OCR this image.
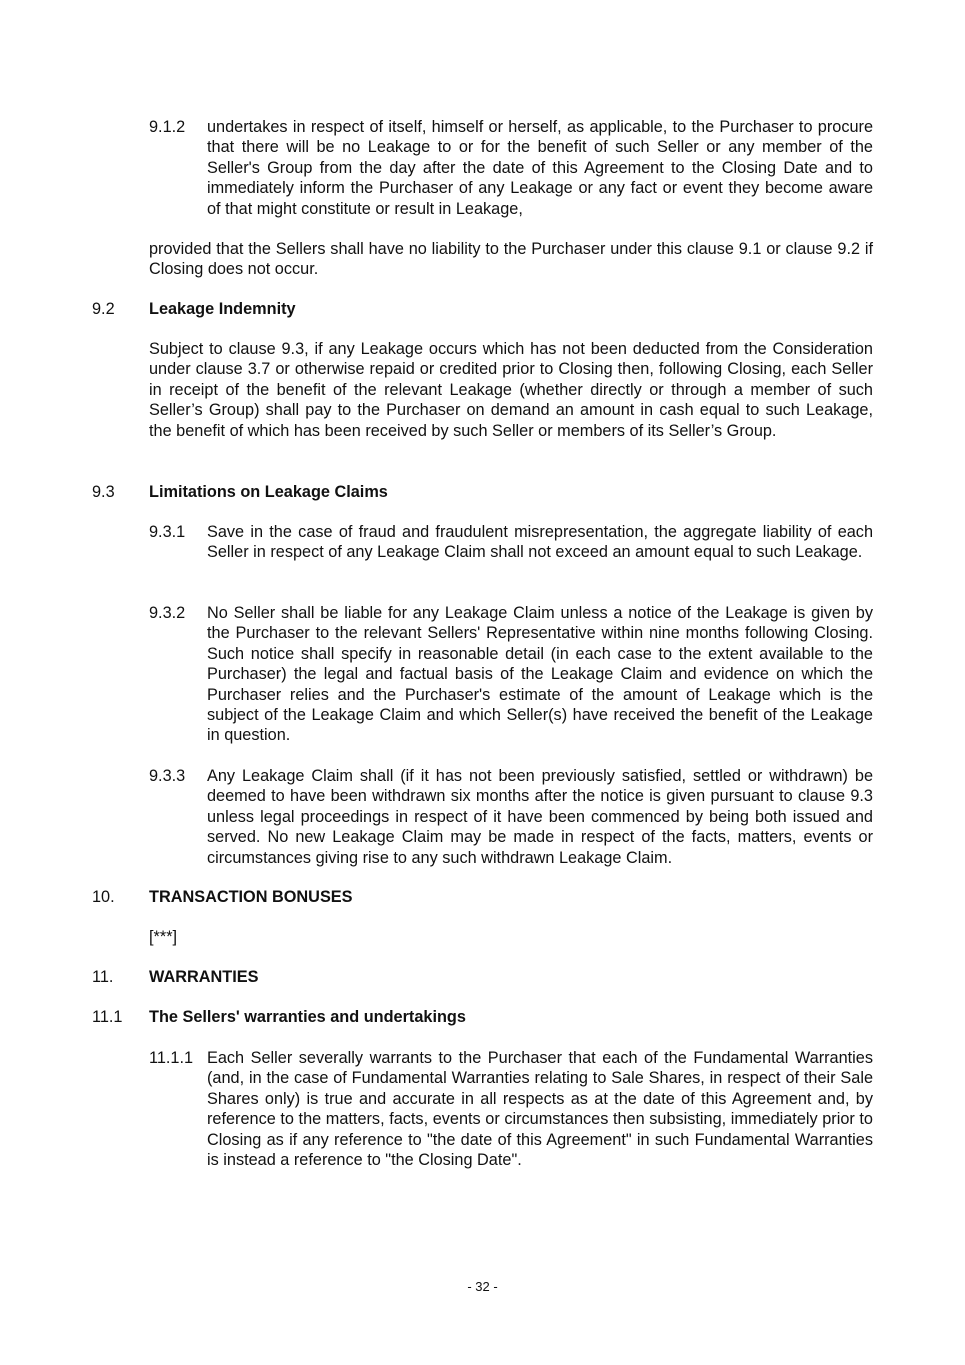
9.1.2 undertakes in respect of itself, himself or herself, as applicable, to the Purchaser to procure that there will be no Leakage to or for the benefit of such Seller or any member of the Seller's Group from the day after the date of this Agreement to the Closing Date and to immediately inform the Purchaser of any Leakage or any fact or event they become aware of that might constitute or result in Leakage,

provided that the Sellers shall have no liability to the Purchaser under this clause 9.1 or clause 9.2 if Closing does not occur.

9.2 Leakage Indemnity

Subject to clause 9.3, if any Leakage occurs which has not been deducted from the Consideration under clause 3.7 or otherwise repaid or credited prior to Closing then, following Closing, each Seller in receipt of the benefit of the relevant Leakage (whether directly or through a member of such Seller’s Group) shall pay to the Purchaser on demand an amount in cash equal to such Leakage, the benefit of which has been received by such Seller or members of its Seller’s Group.

9.3 Limitations on Leakage Claims

9.3.1 Save in the case of fraud and fraudulent misrepresentation, the aggregate liability of each Seller in respect of any Leakage Claim shall not exceed an amount equal to such Leakage.

9.3.2 No Seller shall be liable for any Leakage Claim unless a notice of the Leakage is given by the Purchaser to the relevant Sellers' Representative within nine months following Closing. Such notice shall specify in reasonable detail (in each case to the extent available to the Purchaser) the legal and factual basis of the Leakage Claim and evidence on which the Purchaser relies and the Purchaser's estimate of the amount of Leakage which is the subject of the Leakage Claim and which Seller(s) have received the benefit of the Leakage in question.

9.3.3 Any Leakage Claim shall (if it has not been previously satisfied, settled or withdrawn) be deemed to have been withdrawn six months after the notice is given pursuant to clause 9.3 unless legal proceedings in respect of it have been commenced by being both issued and served. No new Leakage Claim may be made in respect of the facts, matters, events or circumstances giving rise to any such withdrawn Leakage Claim.

10. TRANSACTION BONUSES

[***]

11. WARRANTIES

11.1 The Sellers' warranties and undertakings

11.1.1 Each Seller severally warrants to the Purchaser that each of the Fundamental Warranties (and, in the case of Fundamental Warranties relating to Sale Shares, in respect of their Sale Shares only) is true and accurate in all respects as at the date of this Agreement and, by reference to the matters, facts, events or circumstances then subsisting, immediately prior to Closing as if any reference to "the date of this Agreement" in such Fundamental Warranties is instead a reference to "the Closing Date".

- 32 -
